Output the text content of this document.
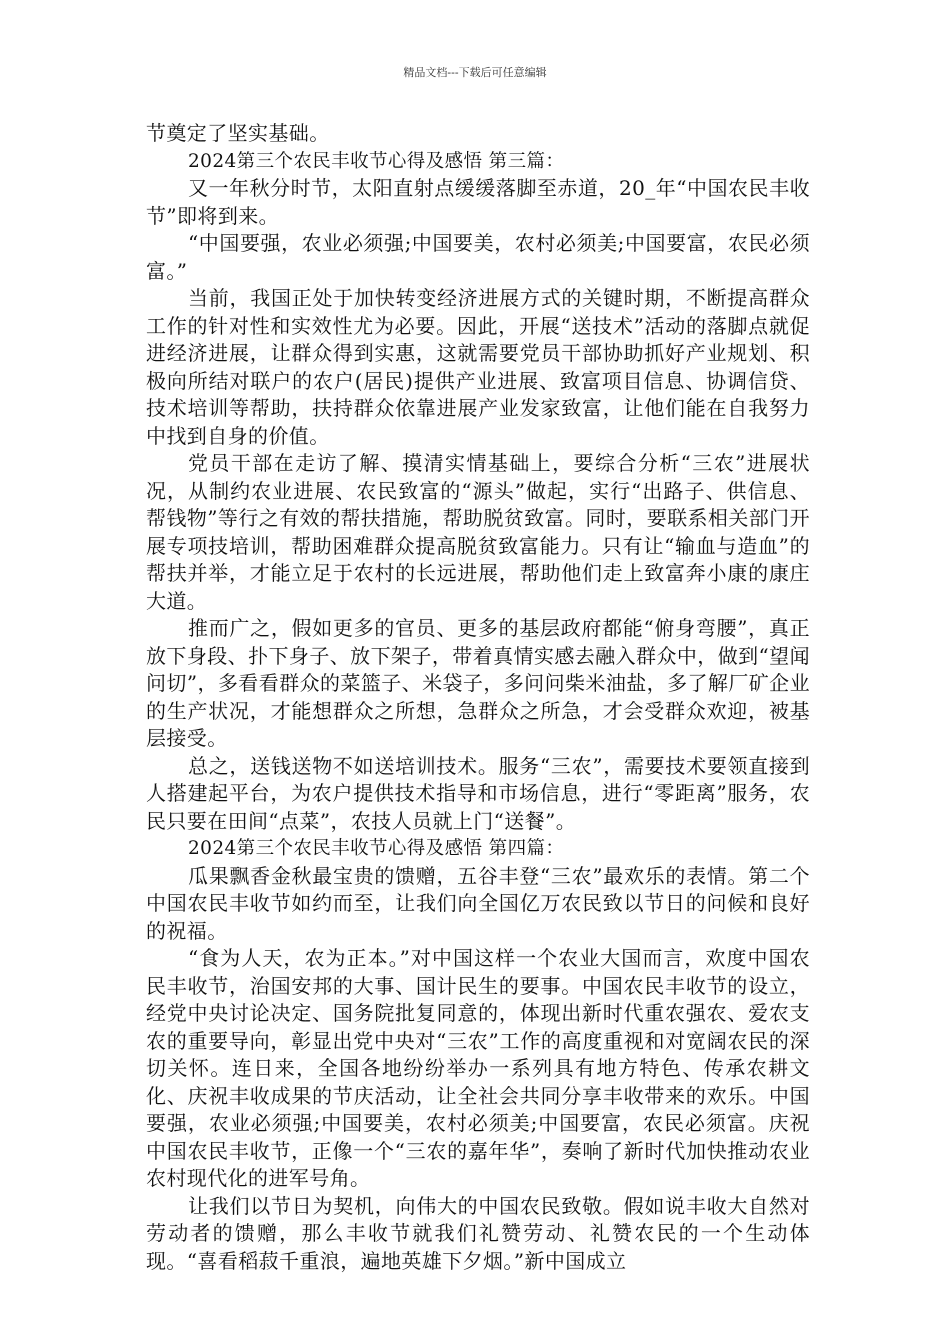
精品文档---下载后可任意编辑

节奠定了坚实基础。

2024第三个农民丰收节心得及感悟 第三篇：

又一年秋分时节，太阳直射点缓缓落脚至赤道，20_年“中国农民丰收节”即将到来。

“中国要强，农业必须强;中国要美，农村必须美;中国要富，农民必须富。”

当前，我国正处于加快转变经济进展方式的关键时期，不断提高群众工作的针对性和实效性尤为必要。因此，开展“送技术”活动的落脚点就促进经济进展，让群众得到实惠，这就需要党员干部协助抓好产业规划、积极向所结对联户的农户(居民)提供产业进展、致富项目信息、协调信贷、技术培训等帮助，扶持群众依靠进展产业发家致富，让他们能在自我努力中找到自身的价值。

党员干部在走访了解、摸清实情基础上，要综合分析“三农”进展状况，从制约农业进展、农民致富的“源头”做起，实行“出路子、供信息、帮钱物”等行之有效的帮扶措施，帮助脱贫致富。同时，要联系相关部门开展专项技培训，帮助困难群众提高脱贫致富能力。只有让“输血与造血”的帮扶并举，才能立足于农村的长远进展，帮助他们走上致富奔小康的康庄大道。

推而广之，假如更多的官员、更多的基层政府都能“俯身弯腰”，真正放下身段、扑下身子、放下架子，带着真情实感去融入群众中，做到“望闻问切”，多看看群众的菜篮子、米袋子，多问问柴米油盐，多了解厂矿企业的生产状况，才能想群众之所想，急群众之所急，才会受群众欢迎，被基层接受。

总之，送钱送物不如送培训技术。服务“三农”，需要技术要领直接到人搭建起平台，为农户提供技术指导和市场信息，进行“零距离”服务，农民只要在田间“点菜”，农技人员就上门“送餐”。

2024第三个农民丰收节心得及感悟 第四篇：

瓜果飘香金秋最宝贵的馈赠，五谷丰登“三农”最欢乐的表情。第二个中国农民丰收节如约而至，让我们向全国亿万农民致以节日的问候和良好的祝福。

“食为人天，农为正本。”对中国这样一个农业大国而言，欢度中国农民丰收节，治国安邦的大事、国计民生的要事。中国农民丰收节的设立，经党中央讨论决定、国务院批复同意的，体现出新时代重农强农、爱农支农的重要导向，彰显出党中央对“三农”工作的高度重视和对宽阔农民的深切关怀。连日来，全国各地纷纷举办一系列具有地方特色、传承农耕文化、庆祝丰收成果的节庆活动，让全社会共同分享丰收带来的欢乐。中国要强，农业必须强;中国要美，农村必须美;中国要富，农民必须富。庆祝中国农民丰收节，正像一个“三农的嘉年华”，奏响了新时代加快推动农业农村现代化的进军号角。

让我们以节日为契机，向伟大的中国农民致敬。假如说丰收大自然对劳动者的馈赠，那么丰收节就我们礼赞劳动、礼赞农民的一个生动体现。“喜看稻菽千重浪，遍地英雄下夕烟。”新中国成立
